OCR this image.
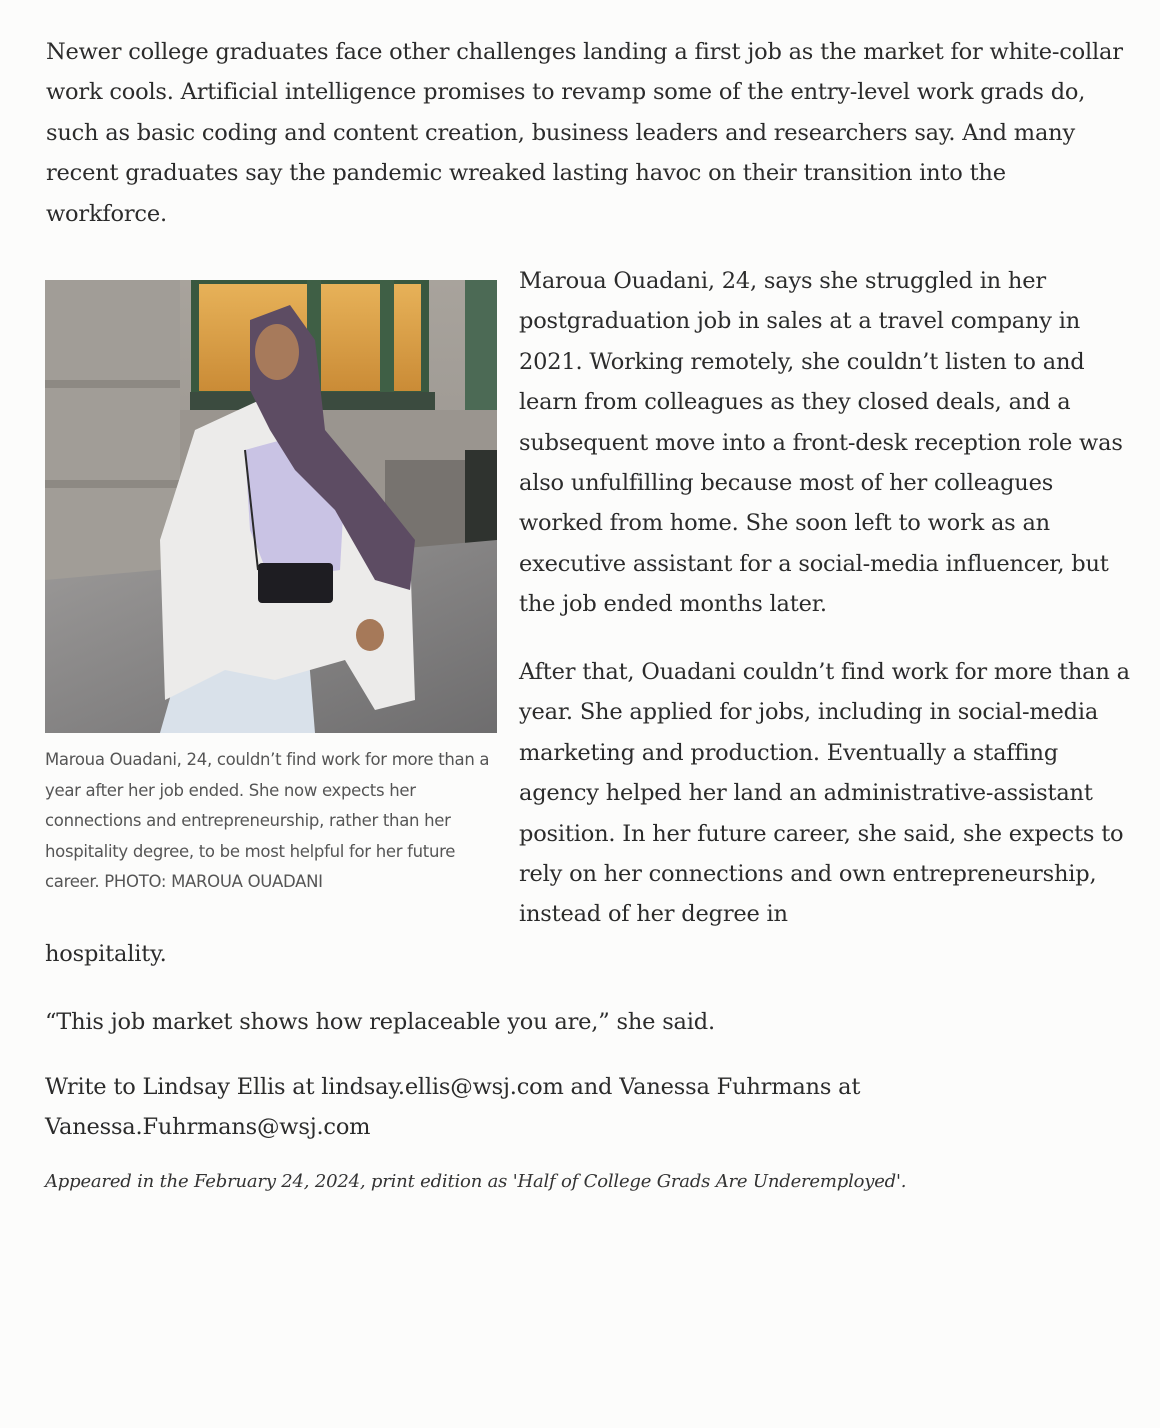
Newer college graduates face other challenges landing a first job as the market for white-collar work cools. Artificial intelligence promises to revamp some of the entry-level work grads do, such as basic coding and content creation, business leaders and researchers say. And many recent graduates say the pandemic wreaked lasting havoc on their transition into the workforce.

Maroua Ouadani, 24, couldn’t find work for more than a year after her job ended. She now expects her connections and entrepreneurship, rather than her hospitality degree, to be most helpful for her future career. PHOTO: MAROUA OUADANI

Maroua Ouadani, 24, says she struggled in her postgraduation job in sales at a travel company in 2021. Working remotely, she couldn’t listen to and learn from colleagues as they closed deals, and a subsequent move into a front-desk reception role was also unfulfilling because most of her colleagues worked from home. She soon left to work as an executive assistant for a social-media influencer, but the job ended months later.

After that, Ouadani couldn’t find work for more than a year. She applied for jobs, including in social-media marketing and production. Eventually a staffing agency helped her land an administrative-assistant position. In her future career, she said, she expects to rely on her connections and own entrepreneurship, instead of her degree in

hospitality.

“This job market shows how replaceable you are,” she said.

Write to Lindsay Ellis at lindsay.ellis@wsj.com and Vanessa Fuhrmans at Vanessa.Fuhrmans@wsj.com

Appeared in the February 24, 2024, print edition as 'Half of College Grads Are Underemployed'.
